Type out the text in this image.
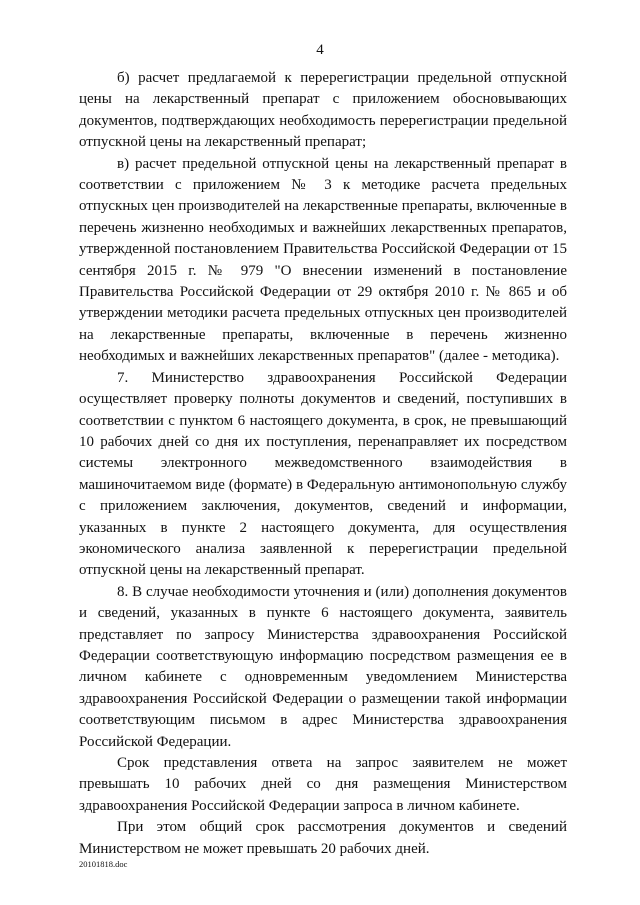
4

б) расчет предлагаемой к перерегистрации предельной отпускной цены на лекарственный препарат с приложением обосновывающих документов, подтверждающих необходимость перерегистрации предельной отпускной цены на лекарственный препарат;

в) расчет предельной отпускной цены на лекарственный препарат в соответствии с приложением № 3 к методике расчета предельных отпускных цен производителей на лекарственные препараты, включенные в перечень жизненно необходимых и важнейших лекарственных препаратов, утвержденной постановлением Правительства Российской Федерации от 15 сентября 2015 г. № 979 "О внесении изменений в постановление Правительства Российской Федерации от 29 октября 2010 г. № 865 и об утверждении методики расчета предельных отпускных цен производителей на лекарственные препараты, включенные в перечень жизненно необходимых и важнейших лекарственных препаратов" (далее - методика).

7. Министерство здравоохранения Российской Федерации осуществляет проверку полноты документов и сведений, поступивших в соответствии с пунктом 6 настоящего документа, в срок, не превышающий 10 рабочих дней со дня их поступления, перенаправляет их посредством системы электронного межведомственного взаимодействия в машиночитаемом виде (формате) в Федеральную антимонопольную службу с приложением заключения, документов, сведений и информации, указанных в пункте 2 настоящего документа, для осуществления экономического анализа заявленной к перерегистрации предельной отпускной цены на лекарственный препарат.

8. В случае необходимости уточнения и (или) дополнения документов и сведений, указанных в пункте 6 настоящего документа, заявитель представляет по запросу Министерства здравоохранения Российской Федерации соответствующую информацию посредством размещения ее в личном кабинете с одновременным уведомлением Министерства здравоохранения Российской Федерации о размещении такой информации соответствующим письмом в адрес Министерства здравоохранения Российской Федерации.

Срок представления ответа на запрос заявителем не может превышать 10 рабочих дней со дня размещения Министерством здравоохранения Российской Федерации запроса в личном кабинете.

При этом общий срок рассмотрения документов и сведений Министерством не может превышать 20 рабочих дней.

20101818.doc
